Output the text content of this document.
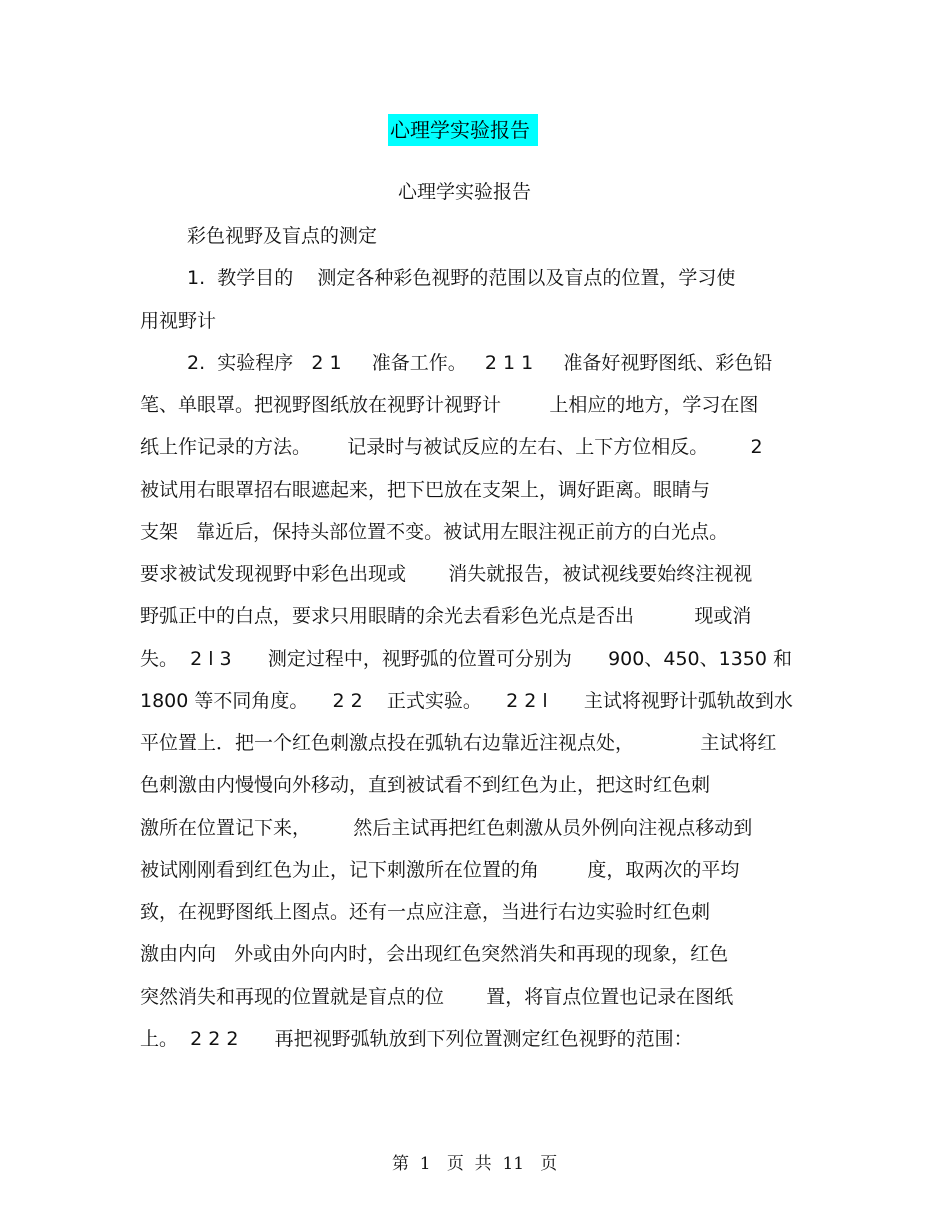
心理学实验报告
心理学实验报告
彩色视野及盲点的测定
1.  教学目的    测定各种彩色视野的范围以及盲点的位置，学习使
用视野计
2.  实验程序   2 1     准备工作。   2 1 1     准备好视野图纸、彩色铅
笔、单眼罩。把视野图纸放在视野计视野计        上相应的地方，学习在图
纸上作记录的方法。      记录时与被试反应的左右、上下方位相反。       2
被试用右眼罩招右眼遮起来，把下巴放在支架上，调好距离。眼睛与
支架   靠近后，保持头部位置不变。被试用左眼注视正前方的白光点。
要求被试发现视野中彩色出现或       消失就报告，被试视线要始终注视视
野弧正中的白点，要求只用眼睛的余光去看彩色光点是否出          现或消
失。  2 l 3      测定过程中，视野弧的位置可分别为      900、450、1350 和
1800 等不同角度。    2 2    正式实验。    2 2 l      主试将视野计弧轨故到水
平位置上．把一个红色刺激点投在弧轨右边靠近注视点处，           主试将红
色刺激由内慢慢向外移动，直到被试看不到红色为止，把这时红色刺
激所在位置记下来，       然后主试再把红色刺激从员外例向注视点移动到
被试刚刚看到红色为止，记下刺激所在位置的角        度，取两次的平均
致，在视野图纸上图点。还有一点应注意，当进行右边实验时红色刺
激由内向   外或由外向内时，会出现红色突然消失和再现的现象，红色
突然消失和再现的位置就是盲点的位       置，将盲点位置也记录在图纸
上。  2 2 2      再把视野弧轨放到下列位置测定红色视野的范围：
第  1   页  共  11   页
